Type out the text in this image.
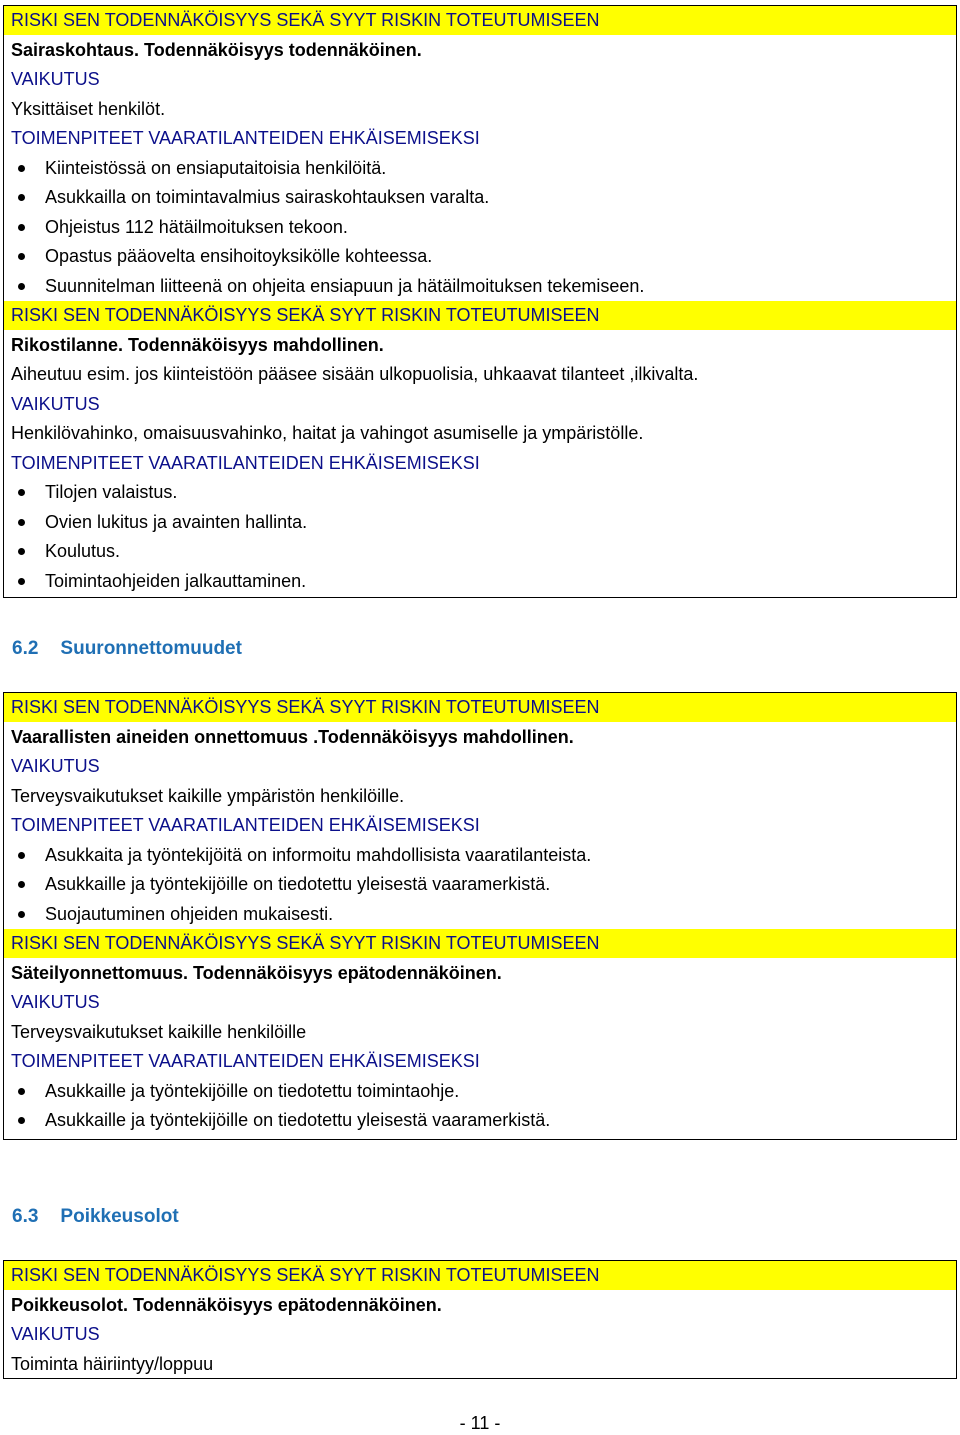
RISKI SEN TODENNÄKÖISYYS SEKÄ SYYT RISKIN TOTEUTUMISEEN
Sairaskohtaus. Todennäköisyys todennäköinen.
VAIKUTUS
Yksittäiset henkilöt.
TOIMENPITEET VAARATILANTEIDEN EHKÄISEMISEKSI
Kiinteistössä on ensiaputaitoisia henkilöitä.
Asukkailla on toimintavalmius sairaskohtauksen varalta.
Ohjeistus 112 hätäilmoituksen tekoon.
Opastus pääovelta ensihoitoyksikölle kohteessa.
Suunnitelman liitteenä on ohjeita ensiapuun ja hätäilmoituksen tekemiseen.
RISKI SEN TODENNÄKÖISYYS SEKÄ SYYT RISKIN TOTEUTUMISEEN
Rikostilanne. Todennäköisyys mahdollinen.
Aiheutuu esim. jos kiinteistöön pääsee sisään ulkopuolisia, uhkaavat tilanteet ,ilkivalta.
VAIKUTUS
Henkilövahinko, omaisuusvahinko, haitat ja vahingot asumiselle ja ympäristölle.
TOIMENPITEET VAARATILANTEIDEN EHKÄISEMISEKSI
Tilojen valaistus.
Ovien lukitus ja avainten hallinta.
Koulutus.
Toimintaohjeiden jalkauttaminen.
6.2 Suuronnettomuudet
RISKI SEN TODENNÄKÖISYYS SEKÄ SYYT RISKIN TOTEUTUMISEEN
Vaarallisten aineiden onnettomuus .Todennäköisyys mahdollinen.
VAIKUTUS
Terveysvaikutukset kaikille ympäristön henkilöille.
TOIMENPITEET VAARATILANTEIDEN EHKÄISEMISEKSI
Asukkaita ja työntekijöitä on informoitu mahdollisista vaaratilanteista.
Asukkaille ja työntekijöille on tiedotettu yleisestä vaaramerkistä.
Suojautuminen ohjeiden mukaisesti.
RISKI SEN TODENNÄKÖISYYS SEKÄ SYYT RISKIN TOTEUTUMISEEN
Säteilyonnettomuus. Todennäköisyys epätodennäköinen.
VAIKUTUS
Terveysvaikutukset kaikille henkilöille
TOIMENPITEET VAARATILANTEIDEN EHKÄISEMISEKSI
Asukkaille ja työntekijöille on tiedotettu toimintaohje.
Asukkaille ja työntekijöille on tiedotettu yleisestä vaaramerkistä.
6.3 Poikkeusolot
RISKI SEN TODENNÄKÖISYYS SEKÄ SYYT RISKIN TOTEUTUMISEEN
Poikkeusolot. Todennäköisyys epätodennäköinen.
VAIKUTUS
Toiminta häiriintyy/loppuu
- 11 -
